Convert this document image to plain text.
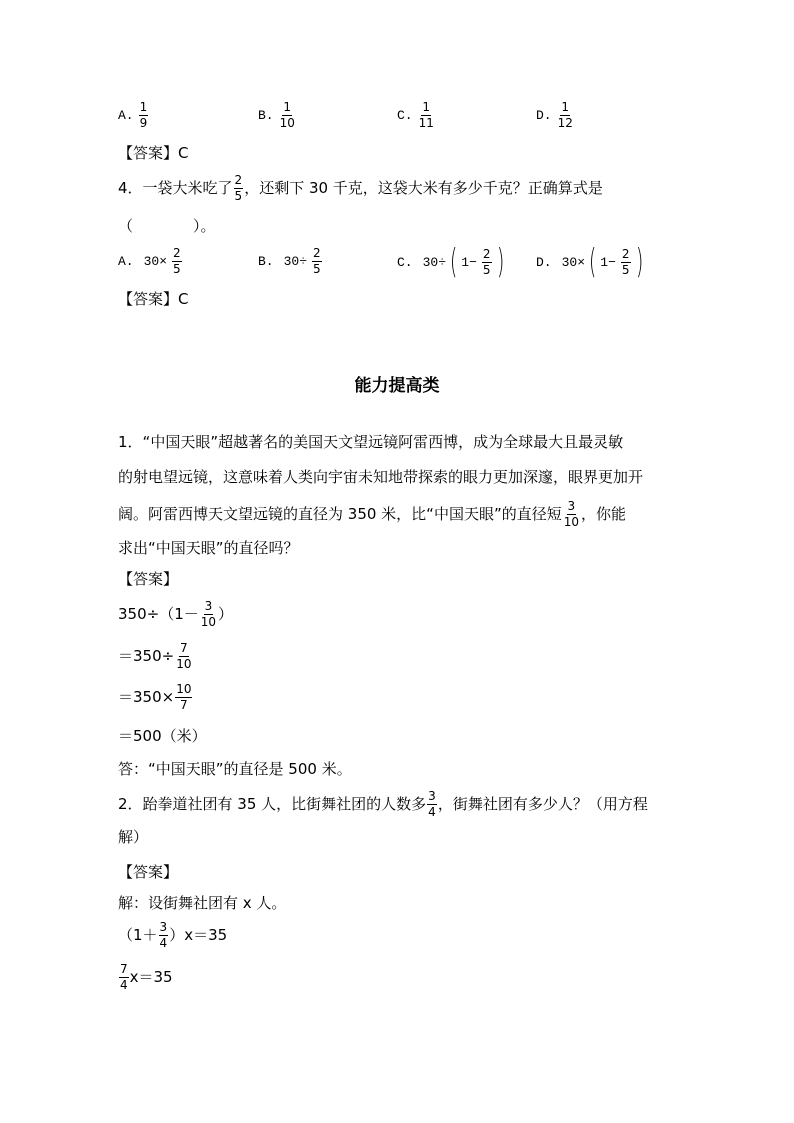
A. $\frac{1}{9}$	B. $\frac{1}{10}$	C. $\frac{1}{11}$	D. $\frac{1}{12}$
【答案】C
4．一袋大米吃了 $\frac{2}{5}$ ，还剩下 30 千克，这袋大米有多少千克？正确算式是
（　　　　）。
A. $30\times \frac{2}{5}$	B. $30\div \frac{2}{5}$	C. 30÷ ( $1- \frac{2}{5}$ ) D. 30× ( $1- \frac{2}{5}$ )
【答案】C
能力提高类
1．“中国天眼”超越著名的美国天文望远镜阿雷西博，成为全球最大且最灵敏
的射电望远镜，这意味着人类向宇宙未知地带探索的眼力更加深邃，眼界更加开
阔。阿雷西博天文望远镜的直径为 350 米，比“中国天眼”的直径短 $\frac{3}{10}$ ，你能
求出“中国天眼”的直径吗？
【答案】
$350\div(1- \frac{3}{10}$ ）
$=350\div \frac{7}{10}$
$=350\times \frac{10}{7}$
＝500（米）
答：“中国天眼”的直径是 500 米。
2．跆拳道社团有 35 人，比街舞社团的人数多 $\frac{3}{4}$ ，街舞社团有多少人？（用方程
解）
【答案】
解：设街舞社团有 x 人。
$(1+ \frac{3}{4} )x=35$
$\frac{7}{4} x=35$
